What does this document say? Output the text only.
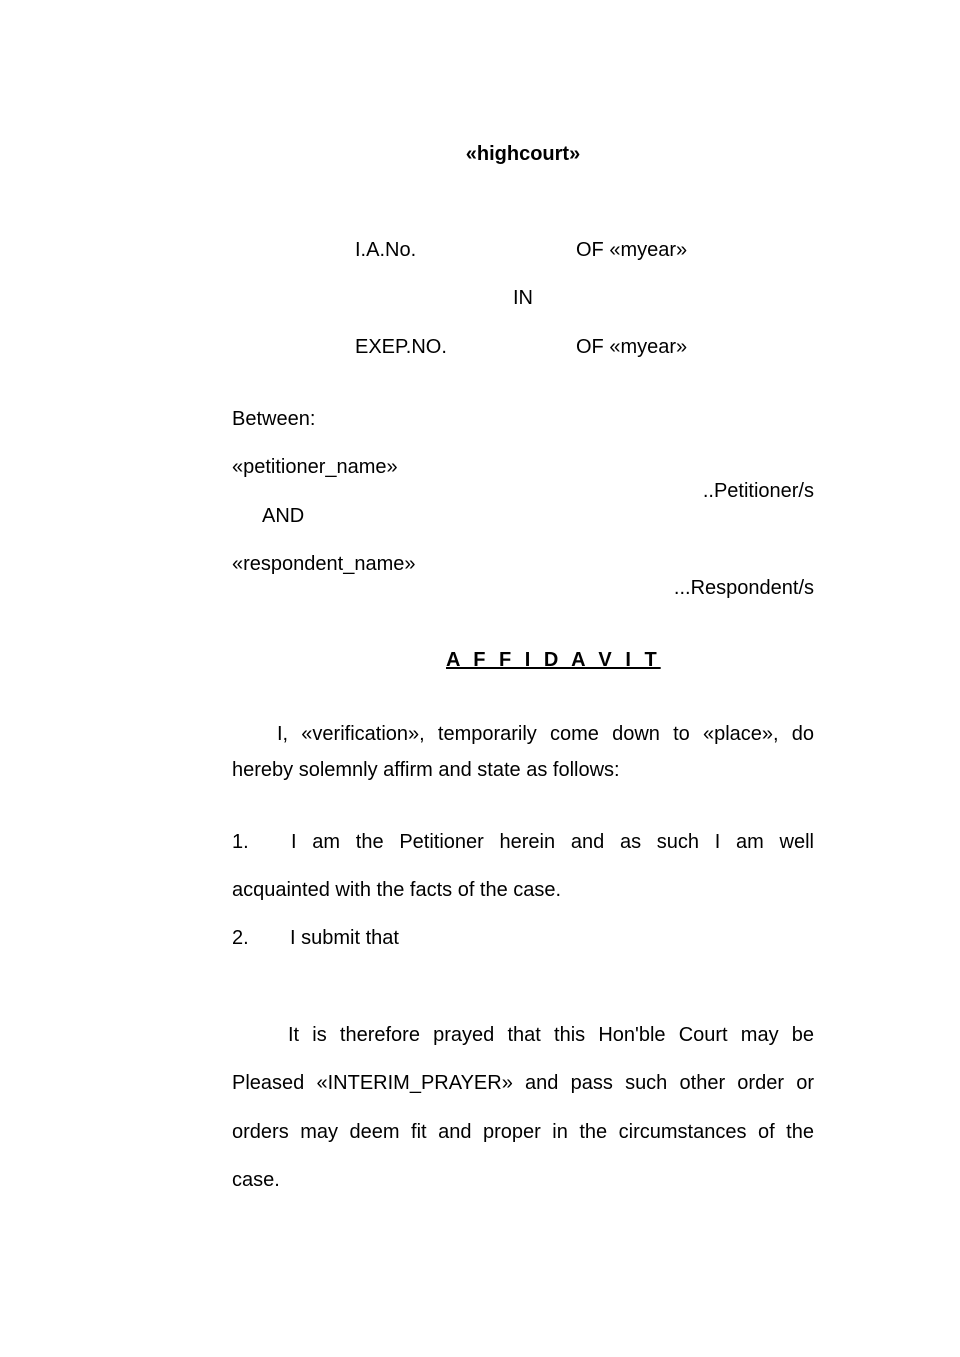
«highcourt»
I.A.No.	OF «myear»
IN
EXEP.NO.	OF «myear»
Between:
«petitioner_name»
..Petitioner/s
AND
«respondent_name»
...Respondent/s
A F F I D A V I T
I, «verification», temporarily come down to «place», do
hereby solemnly affirm and state as follows:
1. I am the Petitioner herein and as such I am well
acquainted with the facts of the case.
2. I submit that
It is therefore prayed that this Hon'ble Court may be
Pleased «INTERIM_PRAYER» and pass such other order or
orders may deem fit and proper in the circumstances of the
case.
